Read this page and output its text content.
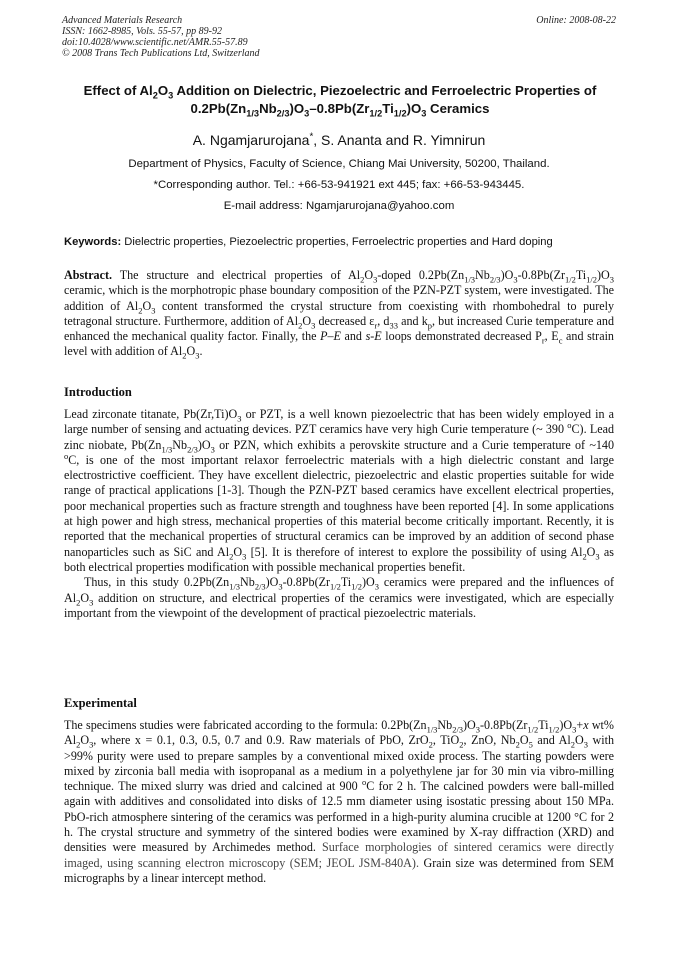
Advanced Materials Research
ISSN: 1662-8985, Vols. 55-57, pp 89-92
doi:10.4028/www.scientific.net/AMR.55-57.89
© 2008 Trans Tech Publications Ltd, Switzerland
Online: 2008-08-22
Effect of $Al_2O_3$ Addition on Dielectric, Piezoelectric and Ferroelectric Properties of $0.2Pb(Zn_{1/3}Nb_{2/3})O_3-0.8Pb(Zr_{1/2}Ti_{1/2})O_3$ Ceramics
A. Ngamjarurojana*, S. Ananta and R. Yimnirun
Department of Physics, Faculty of Science, Chiang Mai University, 50200, Thailand.
*Corresponding author. Tel.: +66-53-941921 ext 445; fax: +66-53-943445.
E-mail address: Ngamjarurojana@yahoo.com
Keywords: Dielectric properties, Piezoelectric properties, Ferroelectric properties and Hard doping
Abstract. The structure and electrical properties of $Al_2O_3$-doped $0.2Pb(Zn_{1/3}Nb_{2/3})O_3-0.8Pb(Zr_{1/2}Ti_{1/2})O_3$ ceramic, which is the morphotropic phase boundary composition of the PZN-PZT system, were investigated. The addition of $Al_2O_3$ content transformed the crystal structure from coexisting with rhombohedral to purely tetragonal structure. Furthermore, addition of $Al_2O_3$ decreased $\varepsilon_r$, $d_{33}$ and $k_p$, but increased Curie temperature and enhanced the mechanical quality factor. Finally, the P–E and s-E loops demonstrated decreased $P_r$, $E_c$ and strain level with addition of $Al_2O_3$.
Introduction
Lead zirconate titanate, $Pb(Zr,Ti)O_3$ or PZT, is a well known piezoelectric that has been widely employed in a large number of sensing and actuating devices. PZT ceramics have very high Curie temperature (~ 390 $^o$C). Lead zinc niobate, $Pb(Zn_{1/3}Nb_{2/3})O_3$ or PZN, which exhibits a perovskite structure and a Curie temperature of ~140 $^o$C, is one of the most important relaxor ferroelectric materials with a high dielectric constant and large electrostrictive coefficient. They have excellent dielectric, piezoelectric and elastic properties suitable for wide range of practical applications [1-3]. Though the PZN-PZT based ceramics have excellent electrical properties, poor mechanical properties such as fracture strength and toughness have been reported [4]. In some applications at high power and high stress, mechanical properties of this material become critically important. Recently, it is reported that the mechanical properties of structural ceramics can be improved by an addition of second phase nanoparticles such as SiC and $Al_2O_3$ [5]. It is therefore of interest to explore the possibility of using $Al_2O_3$ as both electrical properties modification with possible mechanical properties benefit.
Thus, in this study $0.2Pb(Zn_{1/3}Nb_{2/3})O_3-0.8Pb(Zr_{1/2}Ti_{1/2})O_3$ ceramics were prepared and the influences of $Al_2O_3$ addition on structure, and electrical properties of the ceramics were investigated, which are especially important from the viewpoint of the development of practical piezoelectric materials.
Experimental
The specimens studies were fabricated according to the formula: $0.2Pb(Zn_{1/3}Nb_{2/3})O_3-0.8Pb(Zr_{1/2}Ti_{1/2})O_3+x$ wt% $Al_2O_3$, where x = 0.1, 0.3, 0.5, 0.7 and 0.9. Raw materials of PbO, ZrO$_2$, TiO$_2$, ZnO, $Nb_2O_5$ and $Al_2O_3$ with >99% purity were used to prepare samples by a conventional mixed oxide process. The starting powders were mixed by zirconia ball media with isopropanal as a medium in a polyethylene jar for 30 min via vibro-milling technique. The mixed slurry was dried and calcined at 900 $^o$C for 2 h. The calcined powders were ball-milled again with additives and consolidated into disks of 12.5 mm diameter using isostatic pressing about 150 MPa. PbO-rich atmosphere sintering of the ceramics was performed in a high-purity alumina crucible at 1200 °C for 2 h. The crystal structure and symmetry of the sintered bodies were examined by X-ray diffraction (XRD) and densities were measured by Archimedes method. Surface morphologies of sintered ceramics were directly imaged, using scanning electron microscopy (SEM; JEOL JSM-840A). Grain size was determined from SEM micrographs by a linear intercept method.
